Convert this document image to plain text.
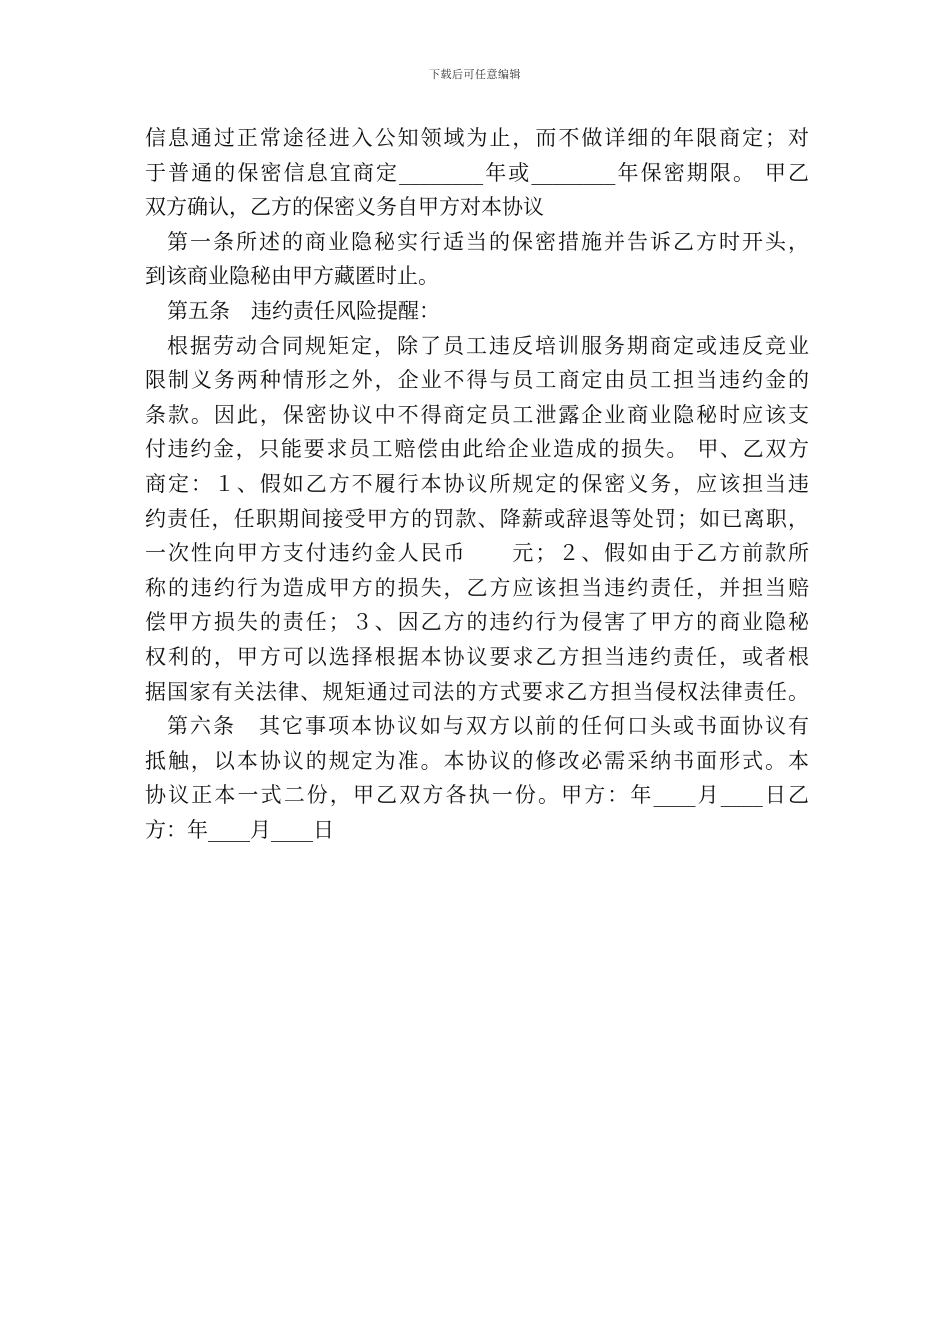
下载后可任意编辑
信息通过正常途径进入公知领域为止，而不做详细的年限商定；对
于普通的保密信息宜商定________年或________年保密期限。 甲乙
双方确认，乙方的保密义务自甲方对本协议
第一条所述的商业隐秘实行适当的保密措施并告诉乙方时开头，
到该商业隐秘由甲方藏匿时止。
第五条　违约责任风险提醒：
根据劳动合同规矩定，除了员工违反培训服务期商定或违反竞业
限制义务两种情形之外，企业不得与员工商定由员工担当违约金的
条款。因此，保密协议中不得商定员工泄露企业商业隐秘时应该支
付违约金，只能要求员工赔偿由此给企业造成的损失。 甲、乙双方
商定：１、假如乙方不履行本协议所规定的保密义务，应该担当违
约责任，任职期间接受甲方的罚款、降薪或辞退等处罚；如已离职，
一次性向甲方支付违约金人民币　　元；２、假如由于乙方前款所
称的违约行为造成甲方的损失，乙方应该担当违约责任，并担当赔
偿甲方损失的责任；３、因乙方的违约行为侵害了甲方的商业隐秘
权利的，甲方可以选择根据本协议要求乙方担当违约责任，或者根
据国家有关法律、规矩通过司法的方式要求乙方担当侵权法律责任。
第六条　其它事项本协议如与双方以前的任何口头或书面协议有
抵触，以本协议的规定为准。本协议的修改必需采纳书面形式。本
协议正本一式二份，甲乙双方各执一份。甲方：年____月____日乙
方：年____月____日
